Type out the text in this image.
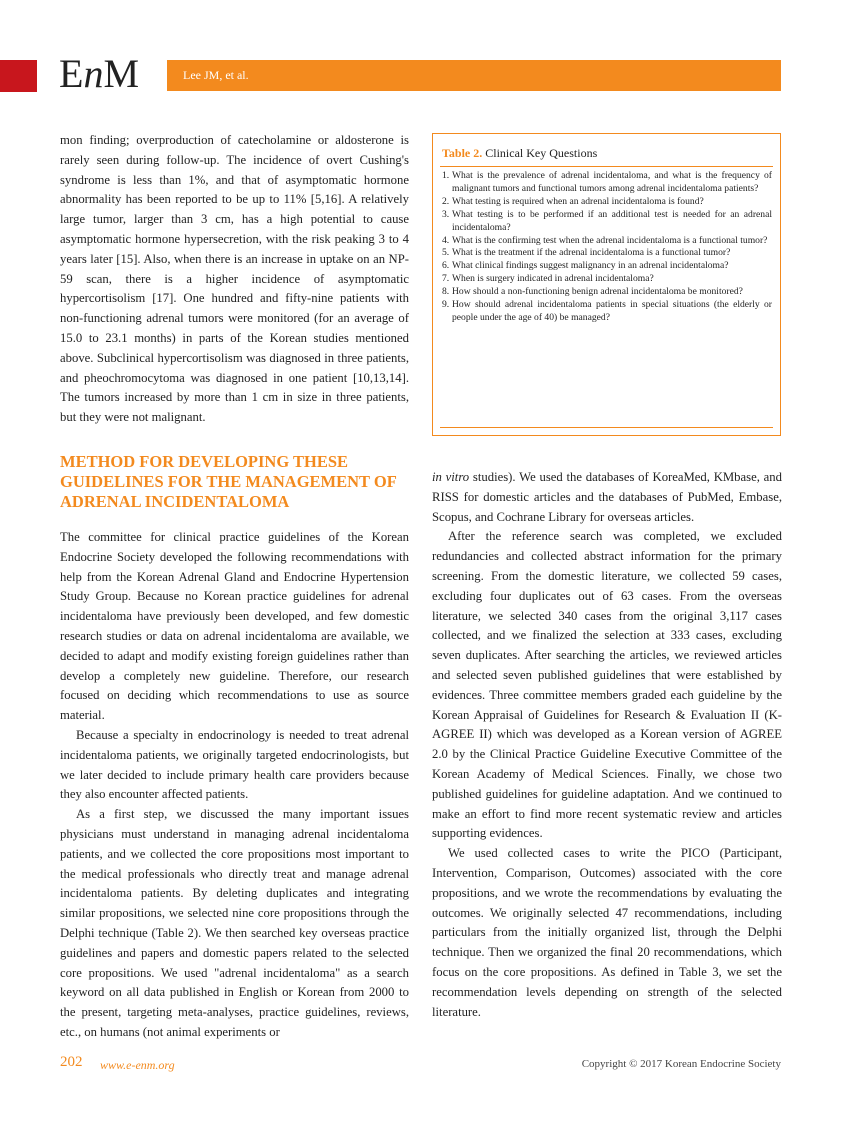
EnM	Lee JM, et al.

mon finding; overproduction of catecholamine or aldosterone is rarely seen during follow-up. The incidence of overt Cushing's syndrome is less than 1%, and that of asymptomatic hormone abnormality has been reported to be up to 11% [5,16]. A relatively large tumor, larger than 3 cm, has a high potential to cause asymptomatic hormone hypersecretion, with the risk peaking 3 to 4 years later [15]. Also, when there is an increase in uptake on an NP-59 scan, there is a higher incidence of asymptomatic hypercortisolism [17]. One hundred and fifty-nine patients with non-functioning adrenal tumors were monitored (for an average of 15.0 to 23.1 months) in parts of the Korean studies mentioned above. Subclinical hypercortisolism was diagnosed in three patients, and pheochromocytoma was diagnosed in one patient [10,13,14]. The tumors increased by more than 1 cm in size in three patients, but they were not malignant.

Table 2. Clinical Key Questions
1. What is the prevalence of adrenal incidentaloma, and what is the frequency of malignant tumors and functional tumors among adrenal incidentaloma patients?
2. What testing is required when an adrenal incidentaloma is found?
3. What testing is to be performed if an additional test is needed for an adrenal incidentaloma?
4. What is the confirming test when the adrenal incidentaloma is a functional tumor?
5. What is the treatment if the adrenal incidentaloma is a functional tumor?
6. What clinical findings suggest malignancy in an adrenal incidentaloma?
7. When is surgery indicated in adrenal incidentaloma?
8. How should a non-functioning benign adrenal incidentaloma be monitored?
9. How should adrenal incidentaloma patients in special situations (the elderly or people under the age of 40) be managed?
METHOD FOR DEVELOPING THESE
GUIDELINES FOR THE MANAGEMENT OF
ADRENAL INCIDENTALOMA

The committee for clinical practice guidelines of the Korean Endocrine Society developed the following recommendations with help from the Korean Adrenal Gland and Endocrine Hypertension Study Group. Because no Korean practice guidelines for adrenal incidentaloma have previously been developed, and few domestic research studies or data on adrenal incidentaloma are available, we decided to adapt and modify existing foreign guidelines rather than develop a completely new guideline. Therefore, our research focused on deciding which recommendations to use as source material.

Because a specialty in endocrinology is needed to treat adrenal incidentaloma patients, we originally targeted endocrinologists, but we later decided to include primary health care providers because they also encounter affected patients.

As a first step, we discussed the many important issues physicians must understand in managing adrenal incidentaloma patients, and we collected the core propositions most important to the medical professionals who directly treat and manage adrenal incidentaloma patients. By deleting duplicates and integrating similar propositions, we selected nine core propositions through the Delphi technique (Table 2). We then searched key overseas practice guidelines and papers and domestic papers related to the selected core propositions. We used "adrenal incidentaloma" as a search keyword on all data published in English or Korean from 2000 to the present, targeting meta-analyses, practice guidelines, reviews, etc., on humans (not animal experiments or

in vitro studies). We used the databases of KoreaMed, KMbase, and RISS for domestic articles and the databases of PubMed, Embase, Scopus, and Cochrane Library for overseas articles.

After the reference search was completed, we excluded redundancies and collected abstract information for the primary screening. From the domestic literature, we collected 59 cases, excluding four duplicates out of 63 cases. From the overseas literature, we selected 340 cases from the original 3,117 cases collected, and we finalized the selection at 333 cases, excluding seven duplicates. After searching the articles, we reviewed articles and selected seven published guidelines that were established by evidences. Three committee members graded each guideline by the Korean Appraisal of Guidelines for Research & Evaluation II (K-AGREE II) which was developed as a Korean version of AGREE 2.0 by the Clinical Practice Guideline Executive Committee of the Korean Academy of Medical Sciences. Finally, we chose two published guidelines for guideline adaptation. And we continued to make an effort to find more recent systematic review and articles supporting evidences.

We used collected cases to write the PICO (Participant, Intervention, Comparison, Outcomes) associated with the core propositions, and we wrote the recommendations by evaluating the outcomes. We originally selected 47 recommendations, including particulars from the initially organized list, through the Delphi technique. Then we organized the final 20 recommendations, which focus on the core propositions. As defined in Table 3, we set the recommendation levels depending on strength of the selected literature.

202 www.e-enm.org	Copyright © 2017 Korean Endocrine Society
